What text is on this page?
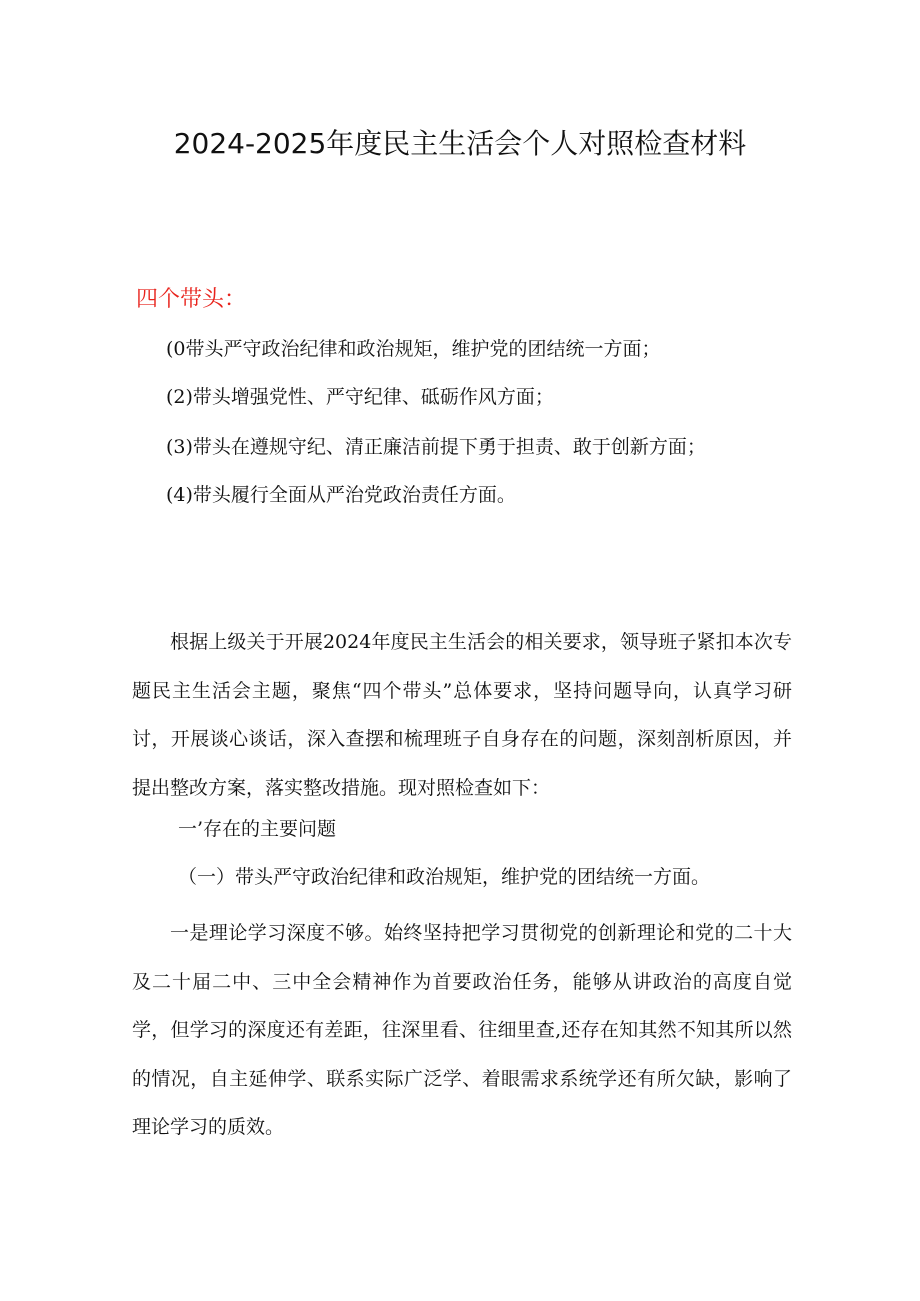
2024-2025年度民主生活会个人对照检查材料
四个带头：
(0带头严守政治纪律和政治规矩，维护党的团结统一方面；
(2)带头增强党性、严守纪律、砥砺作风方面；
(3)带头在遵规守纪、清正廉洁前提下勇于担责、敢于创新方面；
(4)带头履行全面从严治党政治责任方面。

根据上级关于开展2024年度民主生活会的相关要求，领导班子紧扣本次专题民主生活会主题，聚焦“四个带头”总体要求，坚持问题导向，认真学习研讨，开展谈心谈话，深入查摆和梳理班子自身存在的问题，深刻剖析原因，并提出整改方案，落实整改措施。现对照检查如下：

一’存在的主要问题
（一）带头严守政治纪律和政治规矩，维护党的团结统一方面。

一是理论学习深度不够。始终坚持把学习贯彻党的创新理论和党的二十大及二十届二中、三中全会精神作为首要政治任务，能够从讲政治的高度自觉学，但学习的深度还有差距，往深里看、往细里查,还存在知其然不知其所以然的情况，自主延伸学、联系实际广泛学、着眼需求系统学还有所欠缺，影响了理论学习的质效。
